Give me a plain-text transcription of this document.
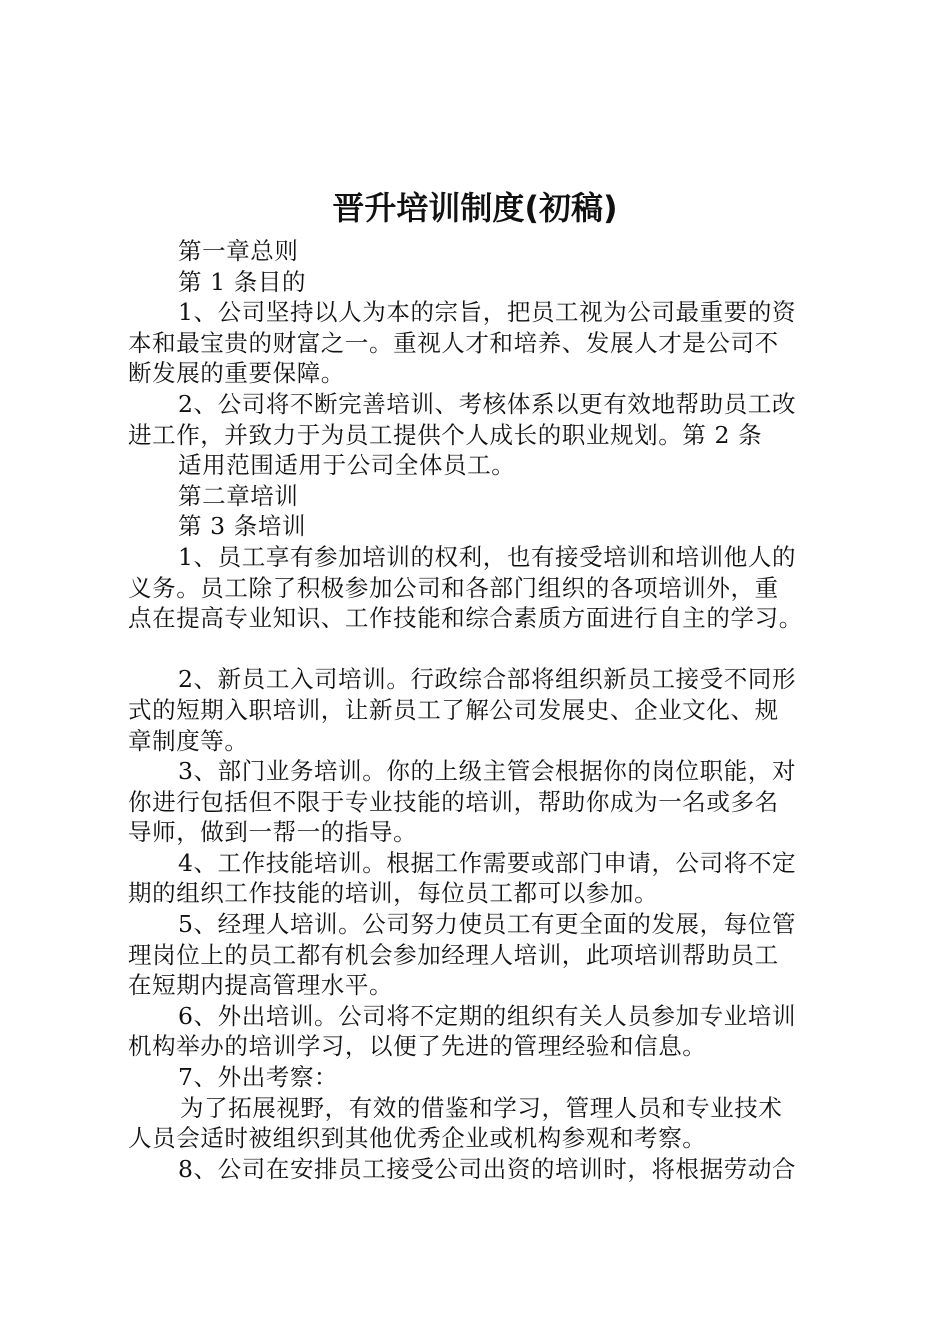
晋升培训制度(初稿)
第一章总则
第 1 条目的
1、公司坚持以人为本的宗旨，把员工视为公司最重要的资
本和最宝贵的财富之一。重视人才和培养、发展人才是公司不
断发展的重要保障。
2、公司将不断完善培训、考核体系以更有效地帮助员工改
进工作，并致力于为员工提供个人成长的职业规划。第 2 条
适用范围适用于公司全体员工。
第二章培训
第 3 条培训
1、员工享有参加培训的权利，也有接受培训和培训他人的
义务。员工除了积极参加公司和各部门组织的各项培训外，重
点在提高专业知识、工作技能和综合素质方面进行自主的学习。
2、新员工入司培训。行政综合部将组织新员工接受不同形
式的短期入职培训，让新员工了解公司发展史、企业文化、规
章制度等。
3、部门业务培训。你的上级主管会根据你的岗位职能，对
你进行包括但不限于专业技能的培训，帮助你成为一名或多名
导师，做到一帮一的指导。
4、工作技能培训。根据工作需要或部门申请，公司将不定
期的组织工作技能的培训，每位员工都可以参加。
5、经理人培训。公司努力使员工有更全面的发展，每位管
理岗位上的员工都有机会参加经理人培训，此项培训帮助员工
在短期内提高管理水平。
6、外出培训。公司将不定期的组织有关人员参加专业培训
机构举办的培训学习，以便了先进的管理经验和信息。
7、外出考察：
为了拓展视野，有效的借鉴和学习，管理人员和专业技术
人员会适时被组织到其他优秀企业或机构参观和考察。
8、公司在安排员工接受公司出资的培训时，将根据劳动合
